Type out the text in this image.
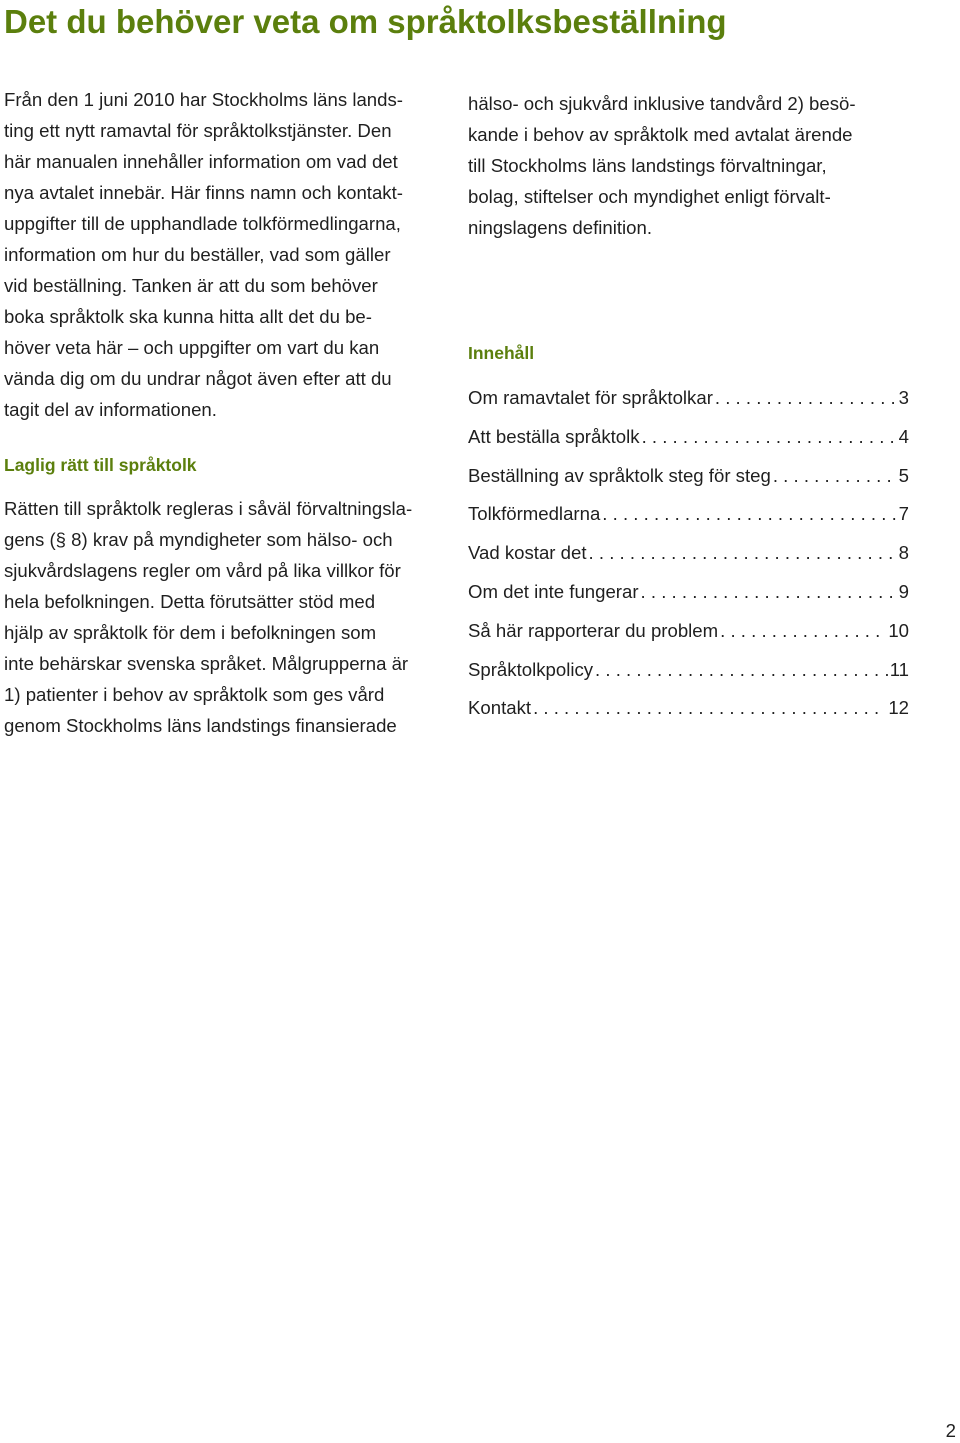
Det du behöver veta om språktolksbeställning
Från den 1 juni 2010 har Stockholms läns lands-
ting ett nytt ramavtal för språktolkstjänster. Den
här manualen innehåller information om vad det
nya avtalet innebär. Här finns namn och kontakt-
uppgifter till de upphandlade tolkförmedlingarna,
information om hur du beställer, vad som gäller
vid beställning. Tanken är att du som behöver
boka språktolk ska kunna hitta allt det du be-
höver veta här – och uppgifter om vart du kan
vända dig om du undrar något även efter att du
tagit del av informationen.
Laglig rätt till språktolk
Rätten till språktolk regleras i såväl förvaltningsla-
gens (§ 8) krav på myndigheter som hälso- och
sjukvårdslagens regler om vård på lika villkor för
hela befolkningen. Detta förutsätter stöd med
hjälp av språktolk för dem i befolkningen som
inte behärskar svenska språket. Målgrupperna är
1) patienter i behov av språktolk som ges vård
genom Stockholms läns landstings finansierade
hälso- och sjukvård inklusive tandvård 2) besö-
kande i behov av språktolk med avtalat ärende
till Stockholms läns landstings förvaltningar,
bolag, stiftelser och myndighet enligt förvalt-
ningslagens definition.
Innehåll
Om ramavtalet för språktolkar . . .	3
Att beställa språktolk . . .	4
Beställning av språktolk steg för steg . . .	5
Tolkförmedlarna . . .	7
Vad kostar det . . .	8
Om det inte fungerar . . .	9
Så här rapporterar du problem . . .	10
Språktolkpolicy . . .	11
Kontakt . . .	12
2
